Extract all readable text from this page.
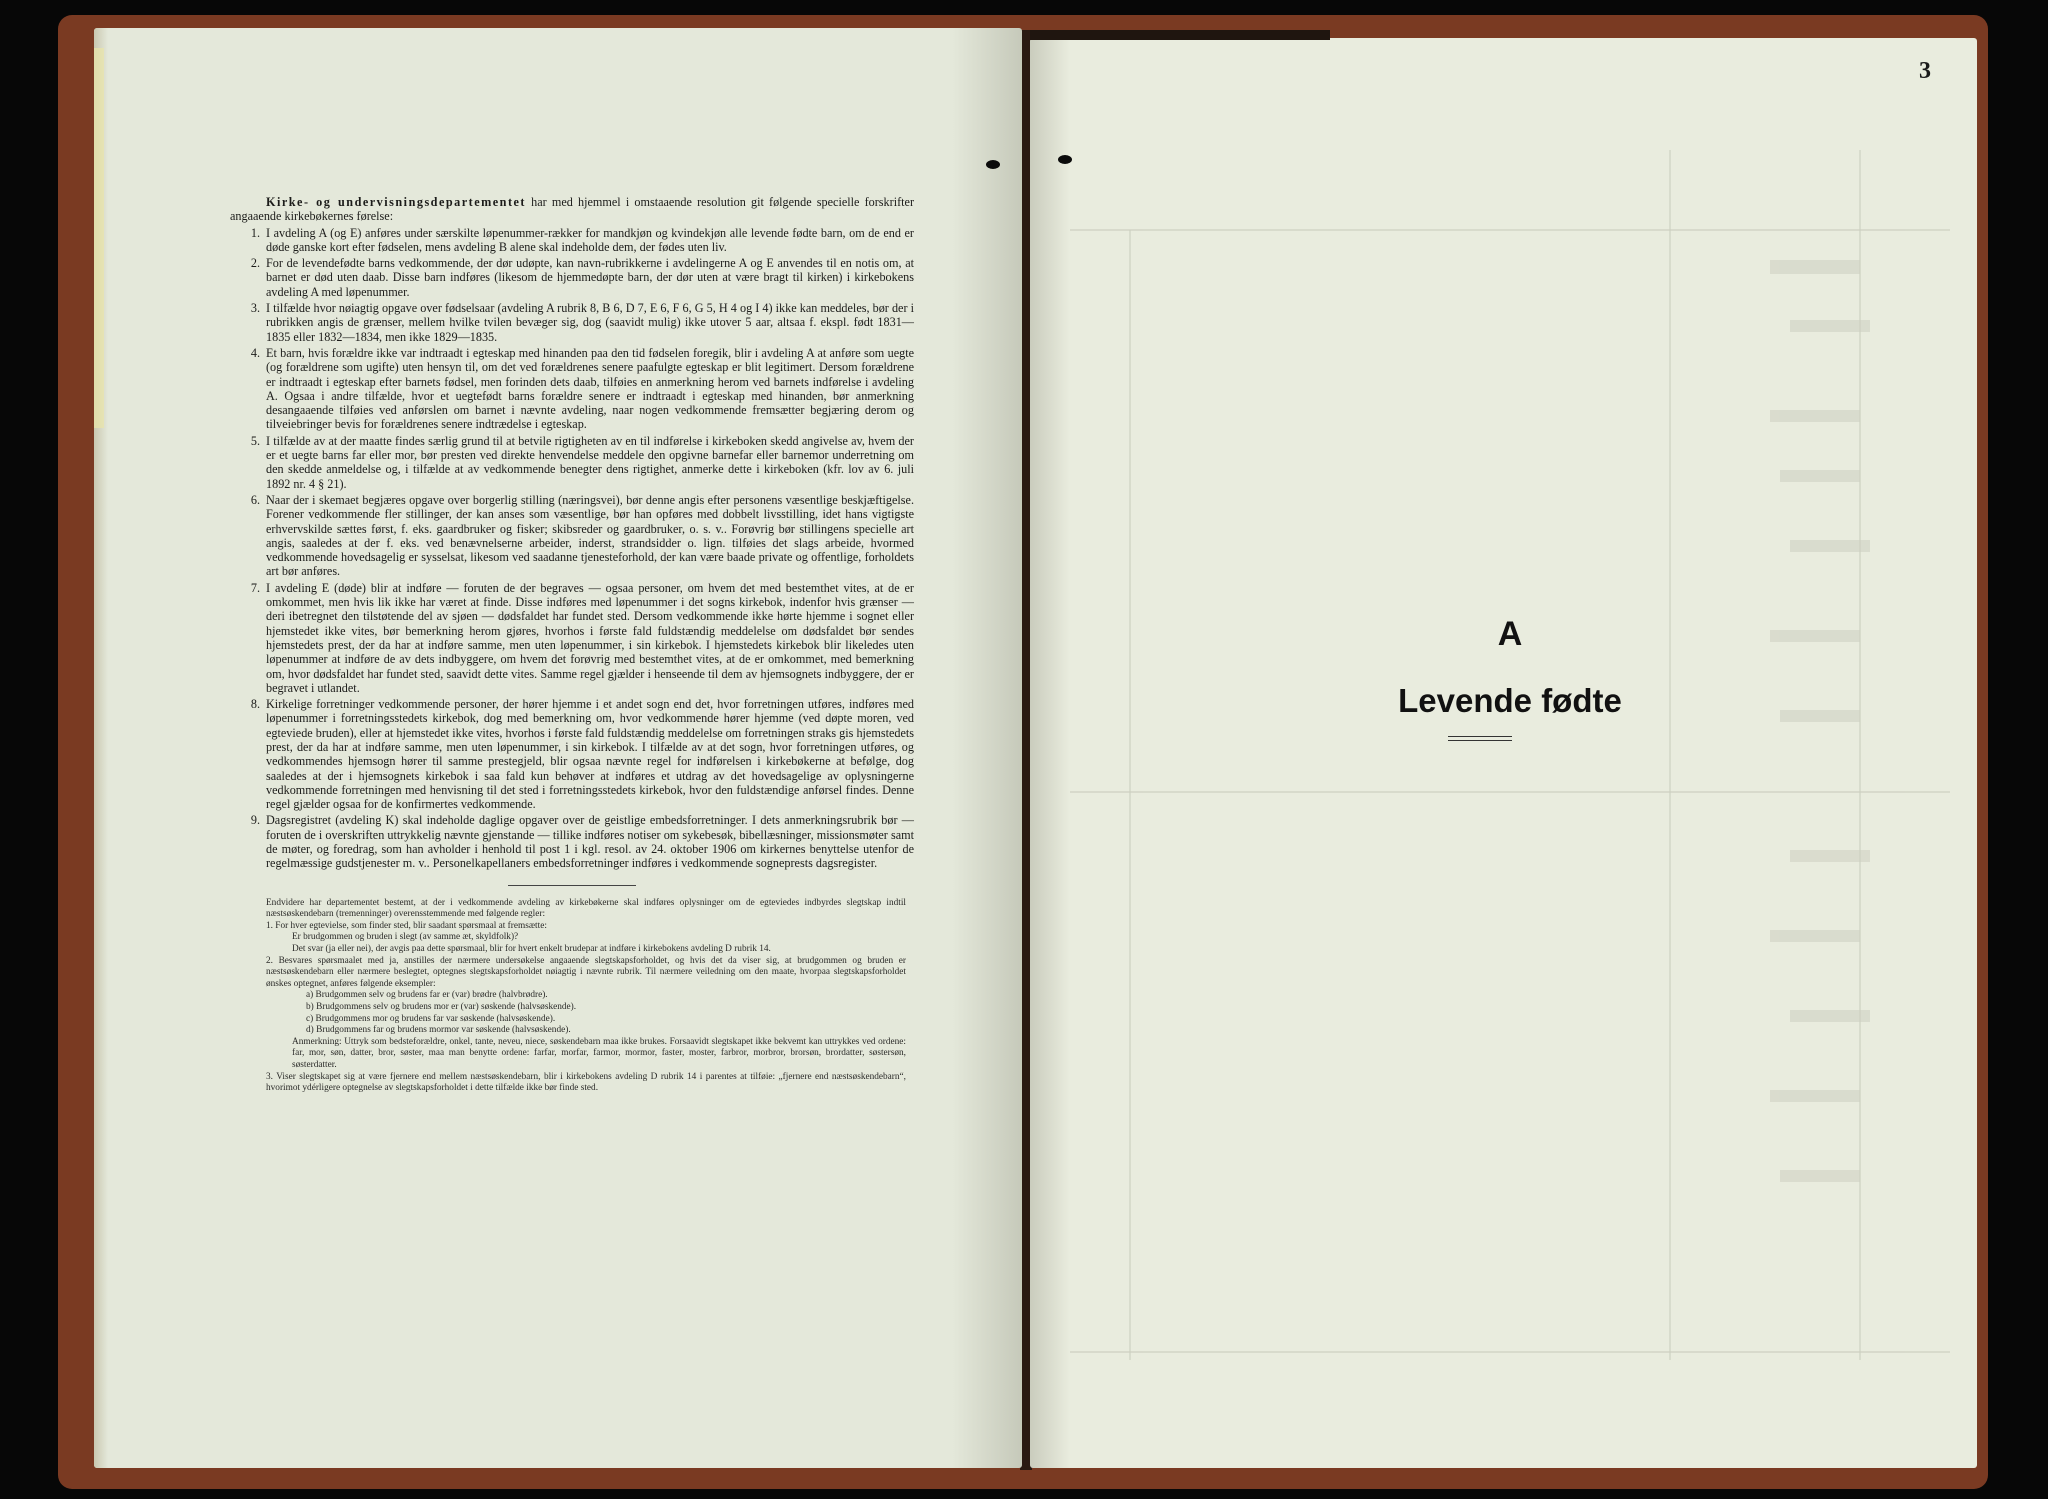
Kirke- og undervisningsdepartementet har med hjemmel i omstaaende resolution git følgende specielle forskrifter angaaende kirkebøkernes førelse:

1. I avdeling A (og E) anføres under særskilte løpenummer-rækker for mandkjøn og kvindekjøn alle levende fødte barn, om de end er døde ganske kort efter fødselen, mens avdeling B alene skal indeholde dem, der fødes uten liv.
2. For de levendefødte barns vedkommende, der dør udøpte, kan navn-rubrikkerne i avdelingerne A og E anvendes til en notis om, at barnet er død uten daab. Disse barn indføres (likesom de hjemmedøpte barn, der dør uten at være bragt til kirken) i kirkebokens avdeling A med løpenummer.
3. I tilfælde hvor nøiagtig opgave over fødselsaar (avdeling A rubrik 8, B 6, D 7, E 6, F 6, G 5, H 4 og I 4) ikke kan meddeles, bør der i rubrikken angis de grænser, mellem hvilke tvilen bevæger sig, dog (saavidt mulig) ikke utover 5 aar, altsaa f. ekspl. født 1831—1835 eller 1832—1834, men ikke 1829—1835.
4. Et barn, hvis forældre ikke var indtraadt i egteskap med hinanden paa den tid fødselen foregik, blir i avdeling A at anføre som uegte (og forældrene som ugifte) uten hensyn til, om det ved forældrenes senere paafulgte egteskap er blit legitimert. Dersom forældrene er indtraadt i egteskap efter barnets fødsel, men forinden dets daab, tilføies en anmerkning herom ved barnets indførelse i avdeling A. Ogsaa i andre tilfælde, hvor et uegtefødt barns forældre senere er indtraadt i egteskap med hinanden, bør anmerkning desangaaende tilføies ved anførslen om barnet i nævnte avdeling, naar nogen vedkommende fremsætter begjæring derom og tilveiebringer bevis for forældrenes senere indtrædelse i egteskap.
5. I tilfælde av at der maatte findes særlig grund til at betvile rigtigheten av en til indførelse i kirkeboken skedd angivelse av, hvem der er et uegte barns far eller mor, bør presten ved direkte henvendelse meddele den opgivne barnefar eller barnemor underretning om den skedde anmeldelse og, i tilfælde at av vedkommende benegter dens rigtighet, anmerke dette i kirkeboken (kfr. lov av 6. juli 1892 nr. 4 § 21).
6. Naar der i skemaet begjæres opgave over borgerlig stilling (næringsvei), bør denne angis efter personens væsentlige beskjæftigelse. Forener vedkommende fler stillinger, der kan anses som væsentlige, bør han opføres med dobbelt livsstilling, idet hans vigtigste erhvervskilde sættes først, f. eks. gaardbruker og fisker; skibsreder og gaardbruker, o. s. v.. Forøvrig bør stillingens specielle art angis, saaledes at der f. eks. ved benævnelserne arbeider, inderst, strandsidder o. lign. tilføies det slags arbeide, hvormed vedkommende hovedsagelig er sysselsat, likesom ved saadanne tjenesteforhold, der kan være baade private og offentlige, forholdets art bør anføres.
7. I avdeling E (døde) blir at indføre — foruten de der begraves — ogsaa personer, om hvem det med bestemthet vites, at de er omkommet, men hvis lik ikke har været at finde. Disse indføres med løpenummer i det sogns kirkebok, indenfor hvis grænser — deri ibetregnet den tilstøtende del av sjøen — dødsfaldet har fundet sted. Dersom vedkommende ikke hørte hjemme i sognet eller hjemstedet ikke vites, bør bemerkning herom gjøres, hvorhos i første fald fuldstændig meddelelse om dødsfaldet bør sendes hjemstedets prest, der da har at indføre samme, men uten løpenummer, i sin kirkebok. I hjemstedets kirkebok blir likeledes uten løpenummer at indføre de av dets indbyggere, om hvem det forøvrig med bestemthet vites, at de er omkommet, med bemerkning om, hvor dødsfaldet har fundet sted, saavidt dette vites. Samme regel gjælder i henseende til dem av hjemsognets indbyggere, der er begravet i utlandet.
8. Kirkelige forretninger vedkommende personer, der hører hjemme i et andet sogn end det, hvor forretningen utføres, indføres med løpenummer i forretningsstedets kirkebok, dog med bemerkning om, hvor vedkommende hører hjemme (ved døpte moren, ved egteviede bruden), eller at hjemstedet ikke vites, hvorhos i første fald fuldstændig meddelelse om forretningen straks gis hjemstedets prest, der da har at indføre samme, men uten løpenummer, i sin kirkebok. I tilfælde av at det sogn, hvor forretningen utføres, og vedkommendes hjemsogn hører til samme prestegjeld, blir ogsaa nævnte regel for indførelsen i kirkebøkerne at befølge, dog saaledes at der i hjemsognets kirkebok i saa fald kun behøver at indføres et utdrag av det hovedsagelige av oplysningerne vedkommende forretningen med henvisning til det sted i forretningsstedets kirkebok, hvor den fuldstændige anførsel findes. Denne regel gjælder ogsaa for de konfirmertes vedkommende.
9. Dagsregistret (avdeling K) skal indeholde daglige opgaver over de geistlige embedsforretninger. I dets anmerkningsrubrik bør — foruten de i overskriften uttrykkelig nævnte gjenstande — tillike indføres notiser om sykebesøk, bibellæsninger, missionsmøter samt de møter, og foredrag, som han avholder i henhold til post 1 i kgl. resol. av 24. oktober 1906 om kirkernes benyttelse utenfor de regelmæssige gudstjenester m. v.. Personelkapellaners embedsforretninger indføres i vedkommende sogneprests dagsregister.

Endvidere har departementet bestemt, at der i vedkommende avdeling av kirkebøkerne skal indføres oplysninger om de egteviedes indbyrdes slegtskap indtil næstsøskendebarn (tremenninger) overensstemmende med følgende regler:

1. For hver egtevielse, som finder sted, blir saadant spørsmaal at fremsætte:

Er brudgommen og bruden i slegt (av samme æt, skyldfolk)?

Det svar (ja eller nei), der avgis paa dette spørsmaal, blir for hvert enkelt brudepar at indføre i kirkebokens avdeling D rubrik 14.

2. Besvares spørsmaalet med ja, anstilles der nærmere undersøkelse angaaende slegtskapsforholdet, og hvis det da viser sig, at brudgommen og bruden er næstsøskendebarn eller nærmere beslegtet, optegnes slegtskapsforholdet nøiagtig i nævnte rubrik. Til nærmere veiledning om den maate, hvorpaa slegtskapsforholdet ønskes optegnet, anføres følgende eksempler:

a) Brudgommen selv og brudens far er (var) brødre (halvbrødre).

b) Brudgommens selv og brudens mor er (var) søskende (halvsøskende).

c) Brudgommens mor og brudens far var søskende (halvsøskende).

d) Brudgommens far og brudens mormor var søskende (halvsøskende).

Anmerkning: Uttryk som bedsteforældre, onkel, tante, neveu, niece, søskendebarn maa ikke brukes. Forsaavidt slegtskapet ikke bekvemt kan uttrykkes ved ordene: far, mor, søn, datter, bror, søster, maa man benytte ordene: farfar, morfar, farmor, mormor, faster, moster, farbror, morbror, brorsøn, brordatter, søstersøn, søsterdatter.

3. Viser slegtskapet sig at være fjernere end mellem næstsøskendebarn, blir i kirkebokens avdeling D rubrik 14 i parentes at tilføie: „fjernere end næstsøskendebarn“, hvorimot ydérligere optegnelse av slegtskapsforholdet i dette tilfælde ikke bør finde sted.

3
A
Levende fødte
